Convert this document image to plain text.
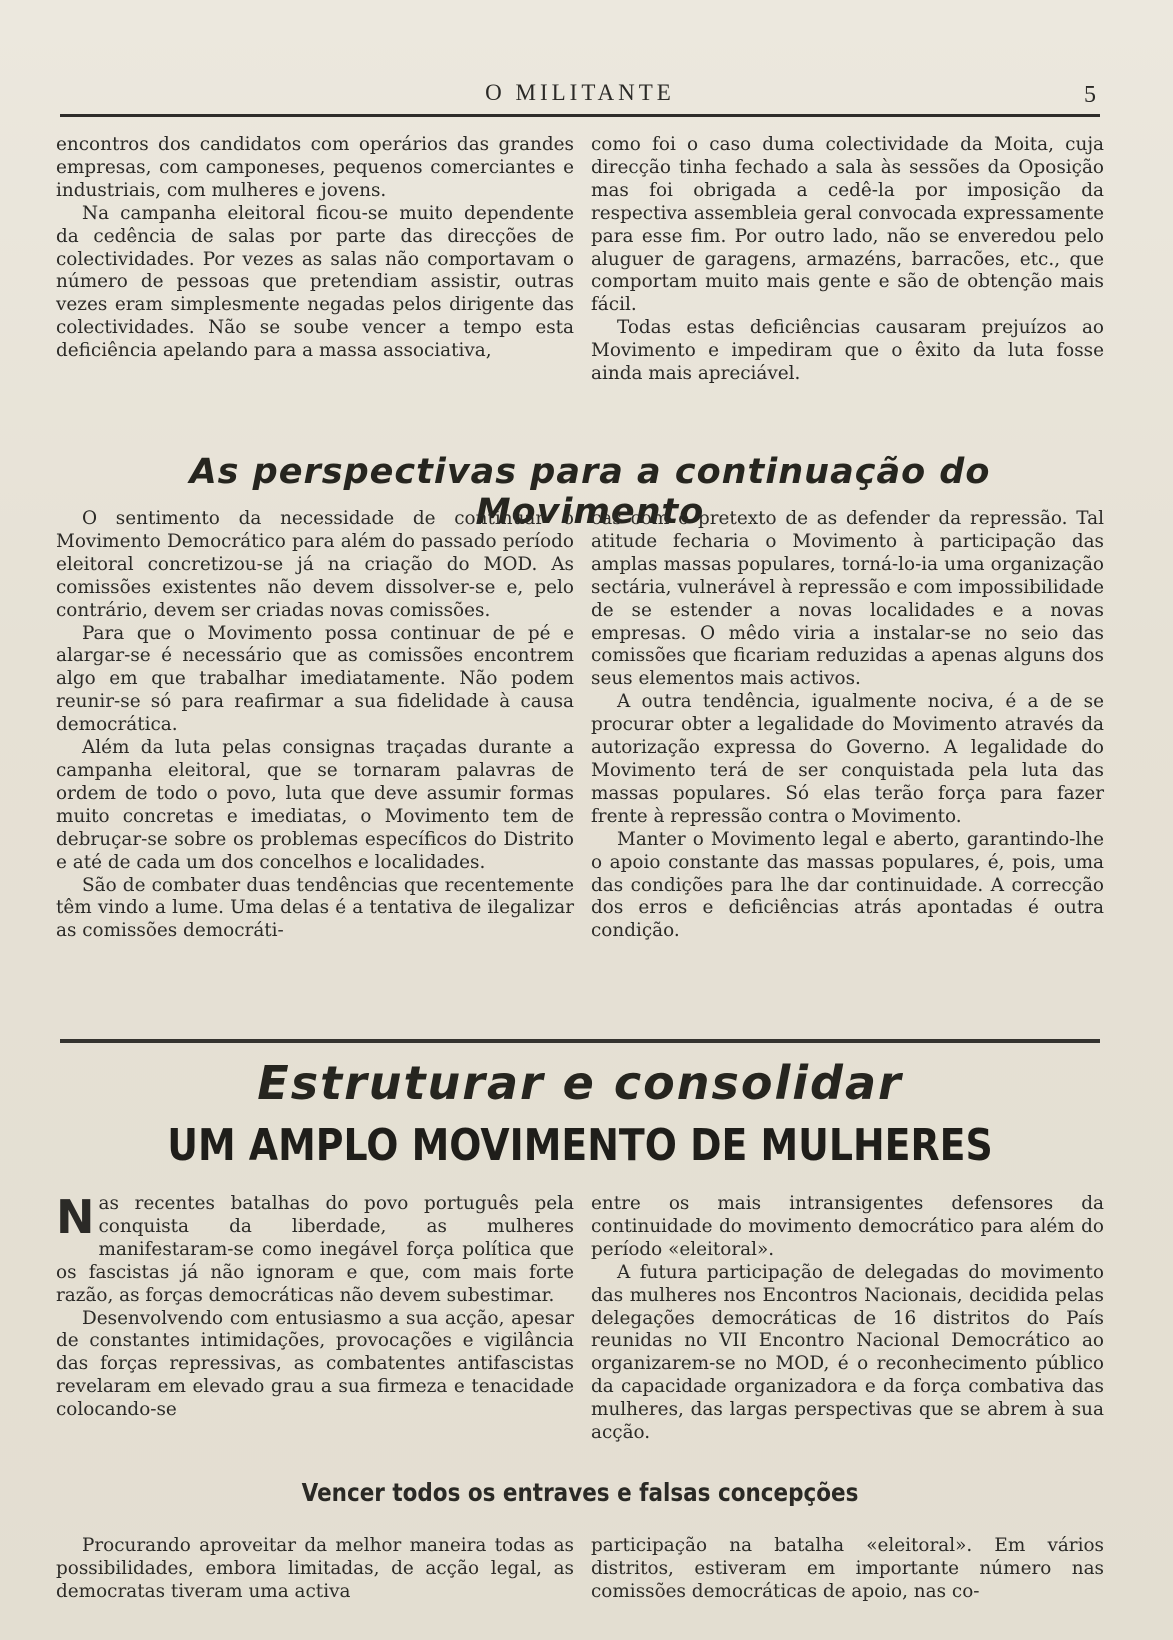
O MILITANTE	5

encontros dos candidatos com operários das grandes empresas, com camponeses, pequenos comerciantes e industriais, com mulheres e jovens.

Na campanha eleitoral ficou-se muito dependente da cedência de salas por parte das direcções de colectividades. Por vezes as salas não comportavam o número de pessoas que pretendiam assistir, outras vezes eram simplesmente negadas pelos dirigente das colectividades. Não se soube vencer a tempo esta deficiência apelando para a massa associativa,

como foi o caso duma colectividade da Moita, cuja direcção tinha fechado a sala às sessões da Oposição mas foi obrigada a cedê-la por imposição da respectiva assembleia geral convocada expressamente para esse fim. Por outro lado, não se enveredou pelo aluguer de garagens, armazéns, barracões, etc., que comportam muito mais gente e são de obtenção mais fácil.

Todas estas deficiências causaram prejuízos ao Movimento e impediram que o êxito da luta fosse ainda mais apreciável.

As perspectivas para a continuação do Movimento

O sentimento da necessidade de continuar o Movimento Democrático para além do passado período eleitoral concretizou-se já na criação do MOD. As comissões existentes não devem dissolver-se e, pelo contrário, devem ser criadas novas comissões.

Para que o Movimento possa continuar de pé e alargar-se é necessário que as comissões encontrem algo em que trabalhar imediatamente. Não podem reunir-se só para reafirmar a sua fidelidade à causa democrática.

Além da luta pelas consignas traçadas durante a campanha eleitoral, que se tornaram palavras de ordem de todo o povo, luta que deve assumir formas muito concretas e imediatas, o Movimento tem de debruçar-se sobre os problemas específicos do Distrito e até de cada um dos concelhos e localidades.

São de combater duas tendências que recentemente têm vindo a lume. Uma delas é a tentativa de ilegalizar as comissões democráti-

cas com o pretexto de as defender da repressão. Tal atitude fecharia o Movimento à participação das amplas massas populares, torná-lo-ia uma organização sectária, vulnerável à repressão e com impossibilidade de se estender a novas localidades e a novas empresas. O mêdo viria a instalar-se no seio das comissões que ficariam reduzidas a apenas alguns dos seus elementos mais activos.

A outra tendência, igualmente nociva, é a de se procurar obter a legalidade do Movimento através da autorização expressa do Governo. A legalidade do Movimento terá de ser conquistada pela luta das massas populares. Só elas terão força para fazer frente à repressão contra o Movimento.

Manter o Movimento legal e aberto, garantindo-lhe o apoio constante das massas populares, é, pois, uma das condições para lhe dar continuidade. A correcção dos erros e deficiências atrás apontadas é outra condição.

Estruturar e consolidar
UM AMPLO MOVIMENTO DE MULHERES

Nas recentes batalhas do povo português pela conquista da liberdade, as mulheres manifestaram-se como inegável força política que os fascistas já não ignoram e que, com mais forte razão, as forças democráticas não devem subestimar.

Desenvolvendo com entusiasmo a sua acção, apesar de constantes intimidações, provocações e vigilância das forças repressivas, as combatentes antifascistas revelaram em elevado grau a sua firmeza e tenacidade colocando-se

entre os mais intransigentes defensores da continuidade do movimento democrático para além do período «eleitoral».

A futura participação de delegadas do movimento das mulheres nos Encontros Nacionais, decidida pelas delegações democráticas de 16 distritos do País reunidas no VII Encontro Nacional Democrático ao organizarem-se no MOD, é o reconhecimento público da capacidade organizadora e da força combativa das mulheres, das largas perspectivas que se abrem à sua acção.

Vencer todos os entraves e falsas concepções

Procurando aproveitar da melhor maneira todas as possibilidades, embora limitadas, de acção legal, as democratas tiveram uma activa

participação na batalha «eleitoral». Em vários distritos, estiveram em importante número nas comissões democráticas de apoio, nas co-
